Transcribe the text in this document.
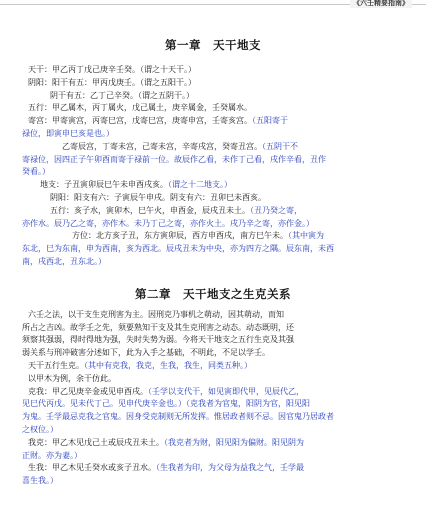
《六壬精要指南》
第一章　天干地支
天干：甲乙丙丁戊己庚辛壬癸。（谓之十天干。）
阴阳：阳干有五：甲丙戊庚壬。（谓之五阳干。）
阴干有五：乙丁己辛癸。（谓之五阴干。）
五行：甲乙属木，丙丁属火，戊己属土，庚辛属金，壬癸属水。
寄宫：甲寄寅宫，丙寄巳宫，戊寄巳宫，庚寄申宫，壬寄亥宫。（五阳寄于
禄位，即寅申巳亥是也。）
乙寄辰宫，丁寄未宫，己寄未宫，辛寄戌宫，癸寄丑宫。（五阴干不
寄禄位，因四正子午卯酉而寄于禄前一位。故辰作乙看，未作丁己看，戌作辛看，丑作
癸看。）
地支：子丑寅卯辰巳午未申酉戌亥。（谓之十二地支。）
阴阳：阳支有六：子寅辰午申戌。阴支有六：丑卯巳未酉亥。
五行：亥子水，寅卯木，巳午火，申酉金，辰戌丑未土。（丑乃癸之寄，
亦作水。辰乃乙之寄，亦作木。未乃丁己之寄，亦作火土。戌乃辛之寄，亦作金。）
方位：北方亥子丑，东方寅卯辰，西方申酉戌，南方巳午未。（其中寅为
东北，巳为东南，申为西南，亥为西北。辰戌丑未为中央，亦为四方之隅。辰东南，未西
南，戌西北，丑东北。）
第二章　天干地支之生克关系
六壬之法，以干支生克刑害为主。因刑克乃事机之萌动，因其萌动，而知
所占之吉凶。故学壬之先，须要熟知干支及其生克刑害之动态。动态既明，还
须察其强弱，得时得地为强，失时失势为弱。今将天干地支之五行生克及其强
弱关系与刑冲破害分述如下，此为入手之基础，不明此，不足以学壬。
天干五行生克。（其中有克我，我克，生我，我生，同类五种。）
以甲木为例，余干仿此。
克我：甲乙见庚辛金或见申酉戌。（壬学以支代干，如见寅即代甲，见辰代乙，
见巳代丙戊。见未代丁己。见申代庚辛金也。）（克我者为官鬼，阳阴为官，阳见阳
为鬼。壬学最忌克我之官鬼。因身受克制则无所发挥。惟居政者则不忌。因官鬼乃居政者
之权位。）
我克：甲乙木见戊己土或辰戌丑未土。（我克者为财，阳见阳为偏财。阳见阴为
正财。亦为妻。）
生我：甲乙木见壬癸水或亥子丑水。（生我者为印，为父母为益我之气，壬学最
喜生我。）
